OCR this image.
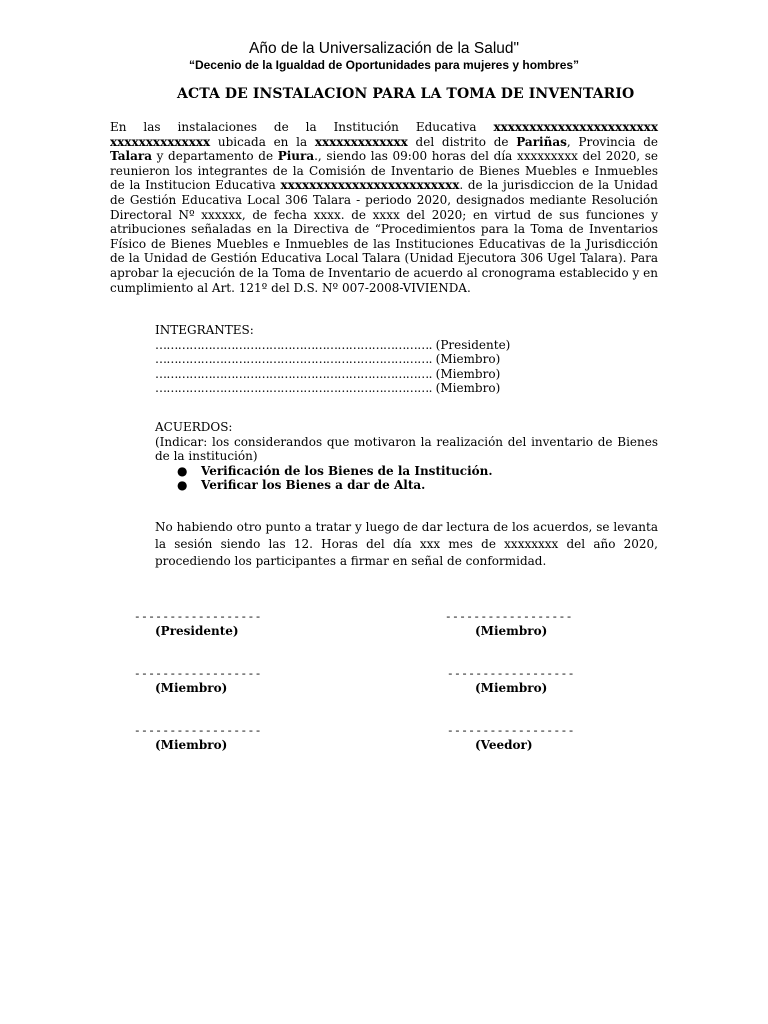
Año de la Universalización de la Salud"
“Decenio de la Igualdad de Oportunidades para mujeres y hombres”
ACTA DE INSTALACION PARA LA TOMA DE INVENTARIO

En las instalaciones de la Institución Educativa xxxxxxxxxxxxxxxxxxxxxxx xxxxxxxxxxxxxx ubicada en la xxxxxxxxxxxxx del distrito de Pariñas, Provincia de Talara y departamento de Piura., siendo las 09:00 horas del día xxxxxxxxx del 2020, se reunieron los integrantes de la Comisión de Inventario de Bienes Muebles e Inmuebles de la Institucion Educativa xxxxxxxxxxxxxxxxxxxxxxxxx. de la jurisdiccion de la Unidad de Gestión Educativa Local 306 Talara - periodo 2020, designados mediante Resolución Directoral Nº xxxxxx, de fecha xxxx. de xxxx del 2020; en virtud de sus funciones y atribuciones señaladas en la Directiva de “Procedimientos para la Toma de Inventarios Físico de Bienes Muebles e Inmuebles de las Instituciones Educativas de la Jurisdicción de la Unidad de Gestión Educativa Local Talara (Unidad Ejecutora 306 Ugel Talara). Para aprobar la ejecución de la Toma de Inventario de acuerdo al cronograma establecido y en cumplimiento al Art. 121º del D.S. Nº 007-2008-VIVIENDA.

INTEGRANTES:
………………………………………………………………. (Presidente)
………………………………………………………………. (Miembro)
………………………………………………………………. (Miembro)
………………………………………………………………. (Miembro)
ACUERDOS:

(Indicar: los considerandos que motivaron la realización del inventario de Bienes de la institución)

● Verificación de los Bienes de la Institución.
● Verificar los Bienes a dar de Alta.

No habiendo otro punto a tratar y luego de dar lectura de los acuerdos, se levanta la sesión siendo las 12. Horas del día xxx mes de xxxxxxxx del año 2020, procediendo los participantes a firmar en señal de conformidad.

------------------
(Presidente)
------------------
(Miembro)
------------------
(Miembro)
------------------
(Miembro)
------------------
(Miembro)
------------------
(Veedor)
